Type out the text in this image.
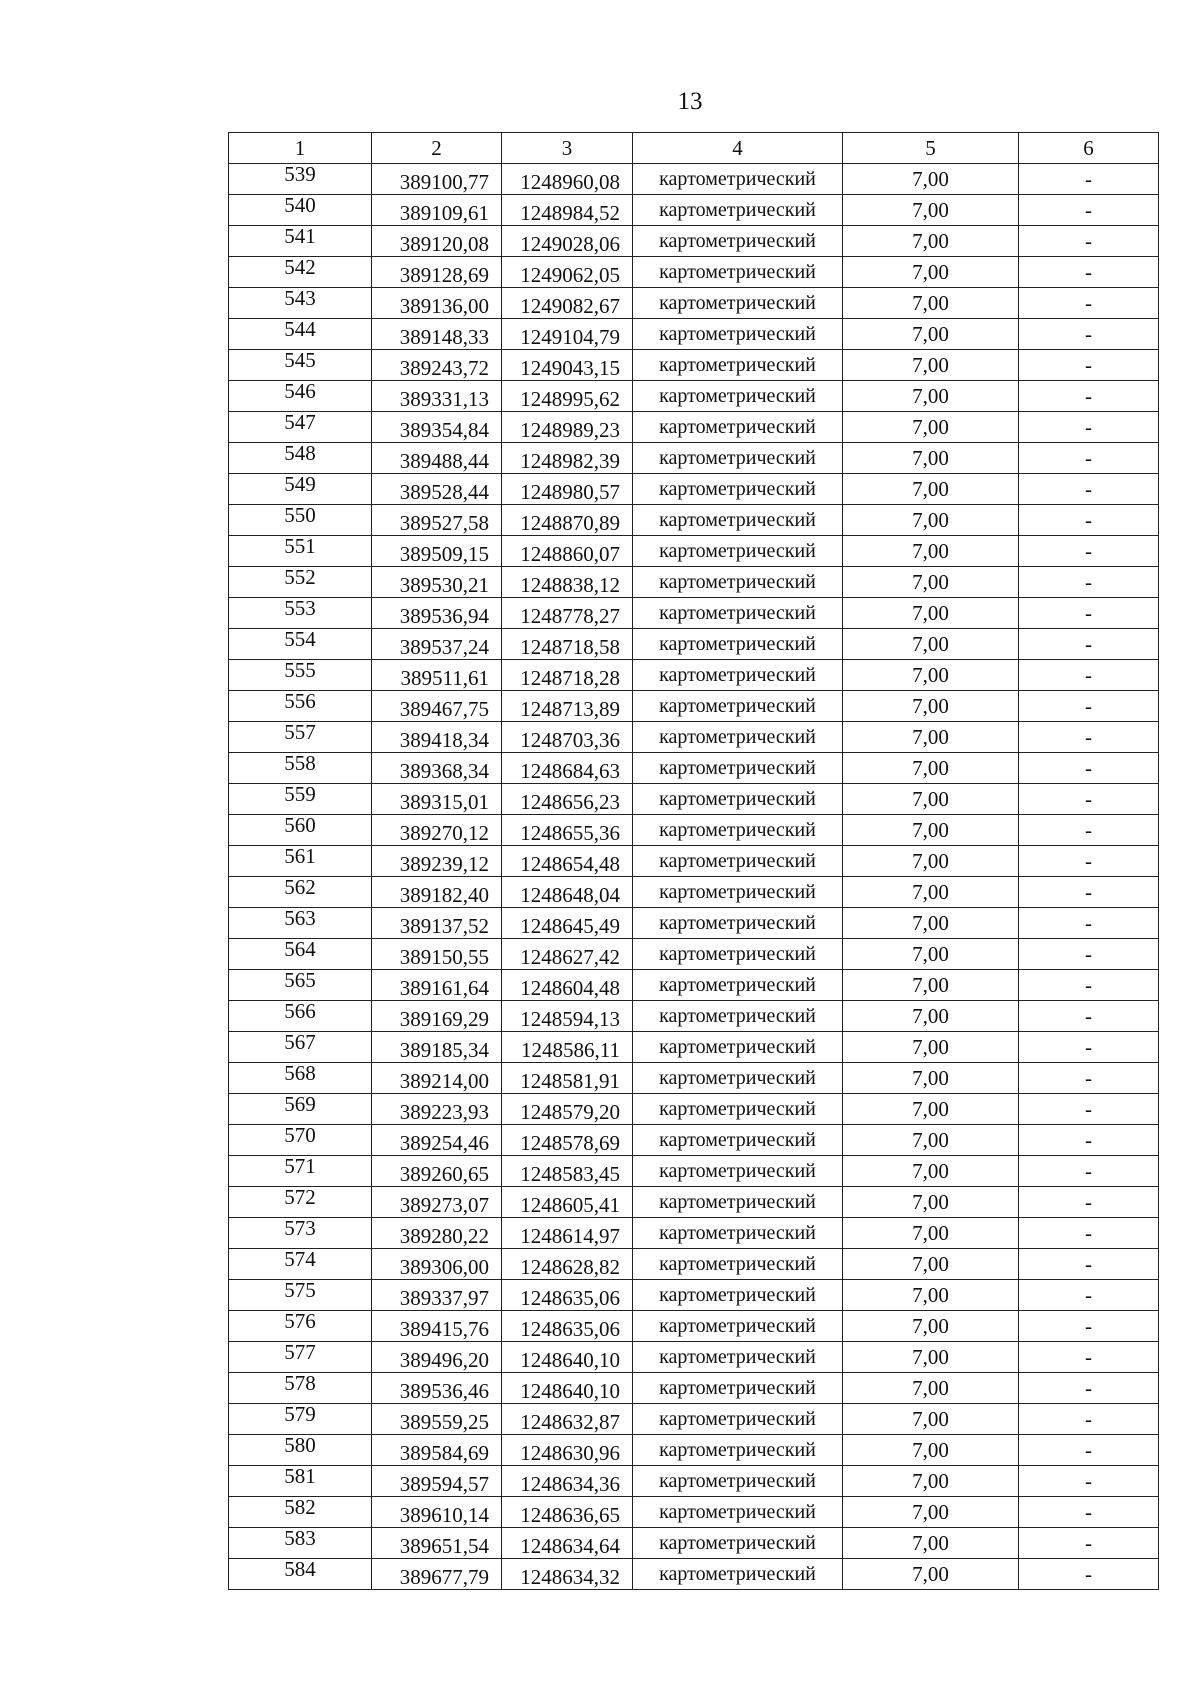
13
1	2	3	4	5	6
539	389100,77	1248960,08	картометрический	7,00	-
540	389109,61	1248984,52	картометрический	7,00	-
541	389120,08	1249028,06	картометрический	7,00	-
542	389128,69	1249062,05	картометрический	7,00	-
543	389136,00	1249082,67	картометрический	7,00	-
544	389148,33	1249104,79	картометрический	7,00	-
545	389243,72	1249043,15	картометрический	7,00	-
546	389331,13	1248995,62	картометрический	7,00	-
547	389354,84	1248989,23	картометрический	7,00	-
548	389488,44	1248982,39	картометрический	7,00	-
549	389528,44	1248980,57	картометрический	7,00	-
550	389527,58	1248870,89	картометрический	7,00	-
551	389509,15	1248860,07	картометрический	7,00	-
552	389530,21	1248838,12	картометрический	7,00	-
553	389536,94	1248778,27	картометрический	7,00	-
554	389537,24	1248718,58	картометрический	7,00	-
555	389511,61	1248718,28	картометрический	7,00	-
556	389467,75	1248713,89	картометрический	7,00	-
557	389418,34	1248703,36	картометрический	7,00	-
558	389368,34	1248684,63	картометрический	7,00	-
559	389315,01	1248656,23	картометрический	7,00	-
560	389270,12	1248655,36	картометрический	7,00	-
561	389239,12	1248654,48	картометрический	7,00	-
562	389182,40	1248648,04	картометрический	7,00	-
563	389137,52	1248645,49	картометрический	7,00	-
564	389150,55	1248627,42	картометрический	7,00	-
565	389161,64	1248604,48	картометрический	7,00	-
566	389169,29	1248594,13	картометрический	7,00	-
567	389185,34	1248586,11	картометрический	7,00	-
568	389214,00	1248581,91	картометрический	7,00	-
569	389223,93	1248579,20	картометрический	7,00	-
570	389254,46	1248578,69	картометрический	7,00	-
571	389260,65	1248583,45	картометрический	7,00	-
572	389273,07	1248605,41	картометрический	7,00	-
573	389280,22	1248614,97	картометрический	7,00	-
574	389306,00	1248628,82	картометрический	7,00	-
575	389337,97	1248635,06	картометрический	7,00	-
576	389415,76	1248635,06	картометрический	7,00	-
577	389496,20	1248640,10	картометрический	7,00	-
578	389536,46	1248640,10	картометрический	7,00	-
579	389559,25	1248632,87	картометрический	7,00	-
580	389584,69	1248630,96	картометрический	7,00	-
581	389594,57	1248634,36	картометрический	7,00	-
582	389610,14	1248636,65	картометрический	7,00	-
583	389651,54	1248634,64	картометрический	7,00	-
584	389677,79	1248634,32	картометрический	7,00	-
